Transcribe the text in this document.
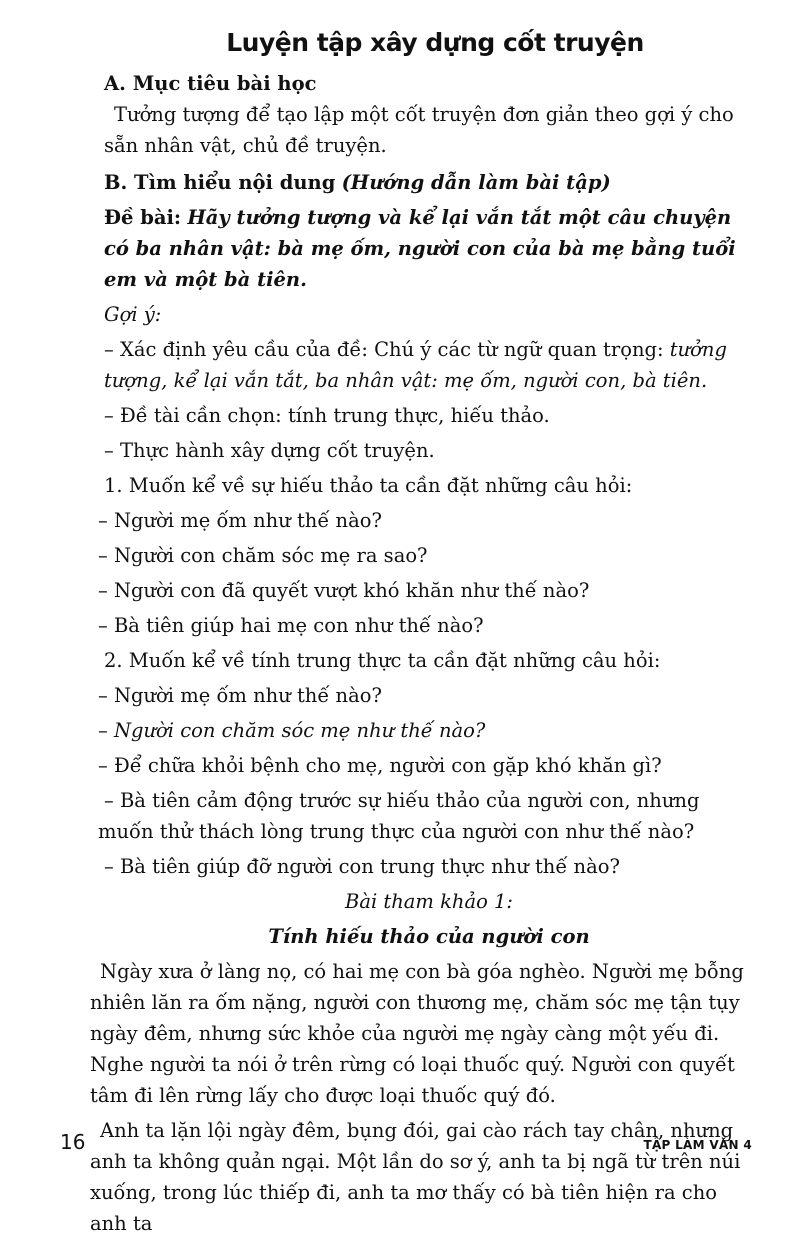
Luyện tập xây dựng cốt truyện

A. Mục tiêu bài học

Tưởng tượng để tạo lập một cốt truyện đơn giản theo gợi ý cho sẵn nhân vật, chủ đề truyện.

B. Tìm hiểu nội dung (Hướng dẫn làm bài tập)

Đề bài: Hãy tưởng tượng và kể lại vắn tắt một câu chuyện có ba nhân vật: bà mẹ ốm, người con của bà mẹ bằng tuổi em và một bà tiên.

Gợi ý:

– Xác định yêu cầu của đề: Chú ý các từ ngữ quan trọng: tưởng tượng, kể lại vắn tắt, ba nhân vật: mẹ ốm, người con, bà tiên.

– Đề tài cần chọn: tính trung thực, hiếu thảo.

– Thực hành xây dựng cốt truyện.

1. Muốn kể về sự hiếu thảo ta cần đặt những câu hỏi:

– Người mẹ ốm như thế nào?

– Người con chăm sóc mẹ ra sao?

– Người con đã quyết vượt khó khăn như thế nào?

– Bà tiên giúp hai mẹ con như thế nào?

2. Muốn kể về tính trung thực ta cần đặt những câu hỏi:

– Người mẹ ốm như thế nào?

– Người con chăm sóc mẹ như thế nào?

– Để chữa khỏi bệnh cho mẹ, người con gặp khó khăn gì?

– Bà tiên cảm động trước sự hiếu thảo của người con, nhưng muốn thử thách lòng trung thực của người con như thế nào?

– Bà tiên giúp đỡ người con trung thực như thế nào?

Bài tham khảo 1:

Tính hiếu thảo của người con

Ngày xưa ở làng nọ, có hai mẹ con bà góa nghèo. Người mẹ bỗng nhiên lăn ra ốm nặng, người con thương mẹ, chăm sóc mẹ tận tụy ngày đêm, nhưng sức khỏe của người mẹ ngày càng một yếu đi. Nghe người ta nói ở trên rừng có loại thuốc quý. Người con quyết tâm đi lên rừng lấy cho được loại thuốc quý đó.

Anh ta lặn lội ngày đêm, bụng đói, gai cào rách tay chân, nhưng anh ta không quản ngại. Một lần do sơ ý, anh ta bị ngã từ trên núi xuống, trong lúc thiếp đi, anh ta mơ thấy có bà tiên hiện ra cho anh ta

16	TẬP LÀM VĂN 4
